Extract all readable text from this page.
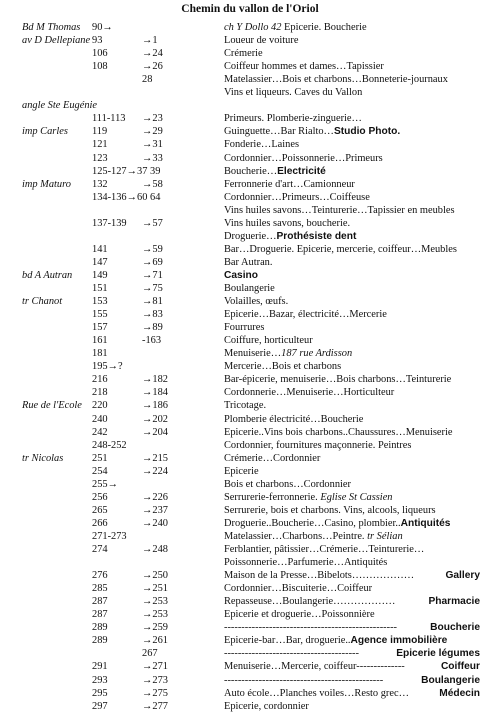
Chemin du vallon de l'Oriol
Bd M Thomas 90→	ch Y Dollo 42 Epicerie. Boucherie
av D Dellepiane 93	→1	Loueur de voiture
106	→24	Crémerie
108	→26	Coiffeur hommes et dames…Tapissier
28	Matelassier…Bois et charbons…Bonneterie-journaux
Vins et liqueurs. Caves du Vallon
angle Ste Eugénie
111-113 →23	Primeurs. Plomberie-zinguerie…
imp Carles 119	→29	Guinguette…Bar Rialto…Studio Photo.
121	→31	Fonderie…Laines
123	→33	Cordonnier…Poissonnerie…Primeurs
125-127→37 39	Boucherie…Electricité
imp Maturo 132	→58	Ferronnerie d'art…Camionneur
134-136→60 64	Cordonnier…Primeurs…Coiffeuse
Vins huiles savons…Teinturerie…Tapissier en meubles
137-139 →57	Vins huiles savons, boucherie.
Droguerie…Prothésiste dent
141	→59	Bar…Droguerie. Epicerie, mercerie, coiffeur…Meubles
147	→69	Bar Autran.
bd A Autran 149	→71	Casino
151	→75	Boulangerie
tr Chanot	153	→81	Volailles, œufs.
155	→83	Epicerie…Bazar, électricité…Mercerie
157	→89	Fourrures
161	-163	Coiffure, horticulteur
181	Menuiserie…187 rue Ardisson
195→?	Mercerie…Bois et charbons
216	→182	Bar-épicerie, menuiserie…Bois charbons…Teinturerie
218	→184	Cordonnerie…Menuiserie…Horticulteur
Rue de l'Ecole 220	→186	Tricotage.
240	→202	Plomberie électricité…Boucherie
242	→204	Epicerie..Vins bois charbons..Chaussures…Menuiserie
248-252	Cordonnier, fournitures maçonnerie. Peintres
tr Nicolas	251	→215	Crémerie…Cordonnier
254	→224	Epicerie
255→	Bois et charbons…Cordonnier
256	→226	Serrurerie-ferronnerie. Eglise St Cassien
265	→237	Serrurerie, bois et charbons. Vins, alcools, liqueurs
266	→240	Droguerie..Boucherie…Casino, plombier..Antiquités
271-273	Matelassier…Charbons…Peintre. tr Sélian
274	→248	Ferblantier, pâtissier…Crémerie…Teinturerie…
Poissonnerie…Parfumerie…Antiquités
276	→250	Maison de la Presse…Bibelots………………	Gallery
285	→251	Cordonnier…Biscuiterie…Coiffeur
287	→253	Repasseuse…Boulangerie………………	Pharmacie
287	→253	Epicerie et droguerie…Poissonnière
289	→259	--------------------------------------------------	Boucherie
289	→261	Epicerie-bar…Bar, droguerie..Agence immobilière
267	---------------------------------------	Epicerie légumes
291	→271	Menuiserie…Mercerie, coiffeur--------------	Coiffeur
293	→273	----------------------------------------------	Boulangerie
295	→275	Auto école…Planches voiles…Resto grec…	Médecin
297	→277	Epicerie, cordonnier
